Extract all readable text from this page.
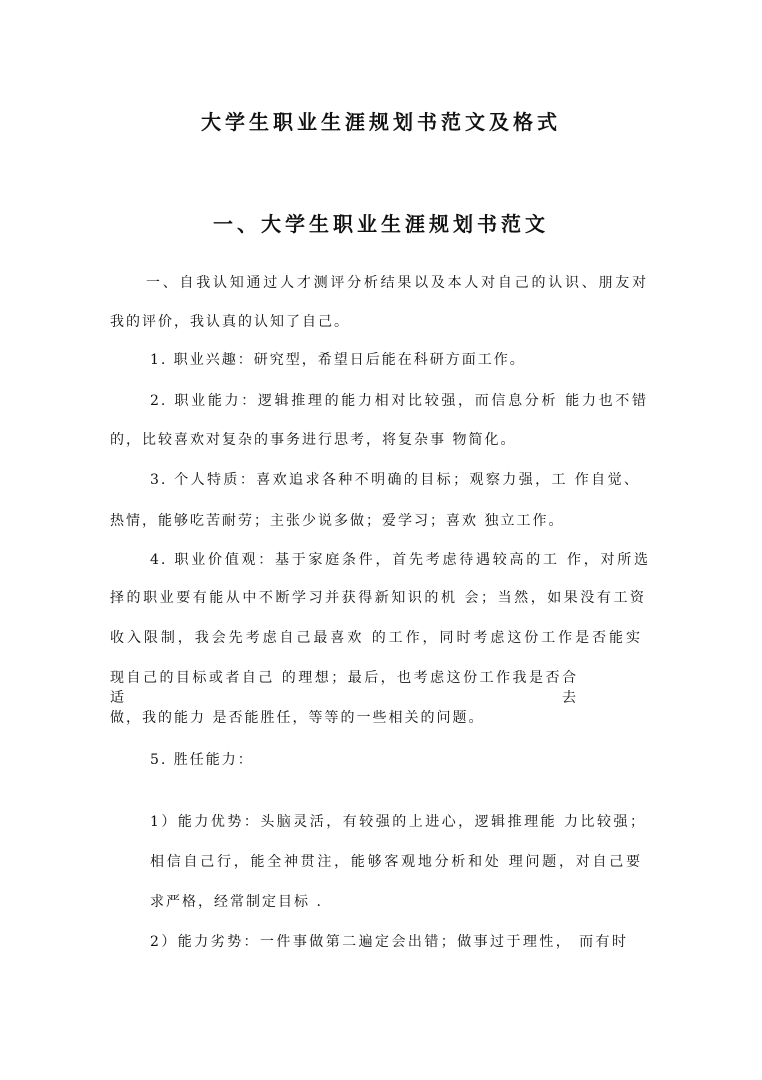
大学生职业生涯规划书范文及格式
一、大学生职业生涯规划书范文
一、自我认知通过人才测评分析结果以及本人对自己的认识、朋友对
我的评价，我认真的认知了自己。
1. 职业兴趣：研究型，希望日后能在科研方面工作。
2. 职业能力：逻辑推理的能力相对比较强，而信息分析 能力也不错
的，比较喜欢对复杂的事务进行思考，将复杂事 物简化。
3. 个人特质：喜欢追求各种不明确的目标；观察力强，工 作自觉、
热情，能够吃苦耐劳；主张少说多做；爱学习；喜欢 独立工作。
4. 职业价值观：基于家庭条件，首先考虑待遇较高的工 作，对所选
择的职业要有能从中不断学习并获得新知识的机 会；当然，如果没有工资
收入限制，我会先考虑自己最喜欢 的工作，同时考虑这份工作是否能实
现自己的目标或者自己 的理想；最后，也考虑这份工作我是否合适去
做，我的能力 是否能胜任，等等的一些相关的问题。
5. 胜任能力：
1）能力优势：头脑灵活，有较强的上进心，逻辑推理能 力比较强；
相信自己行，能全神贯注，能够客观地分析和处 理问题，对自己要
求严格，经常制定目标 .
2）能力劣势：一件事做第二遍定会出错；做事过于理性， 而有时
